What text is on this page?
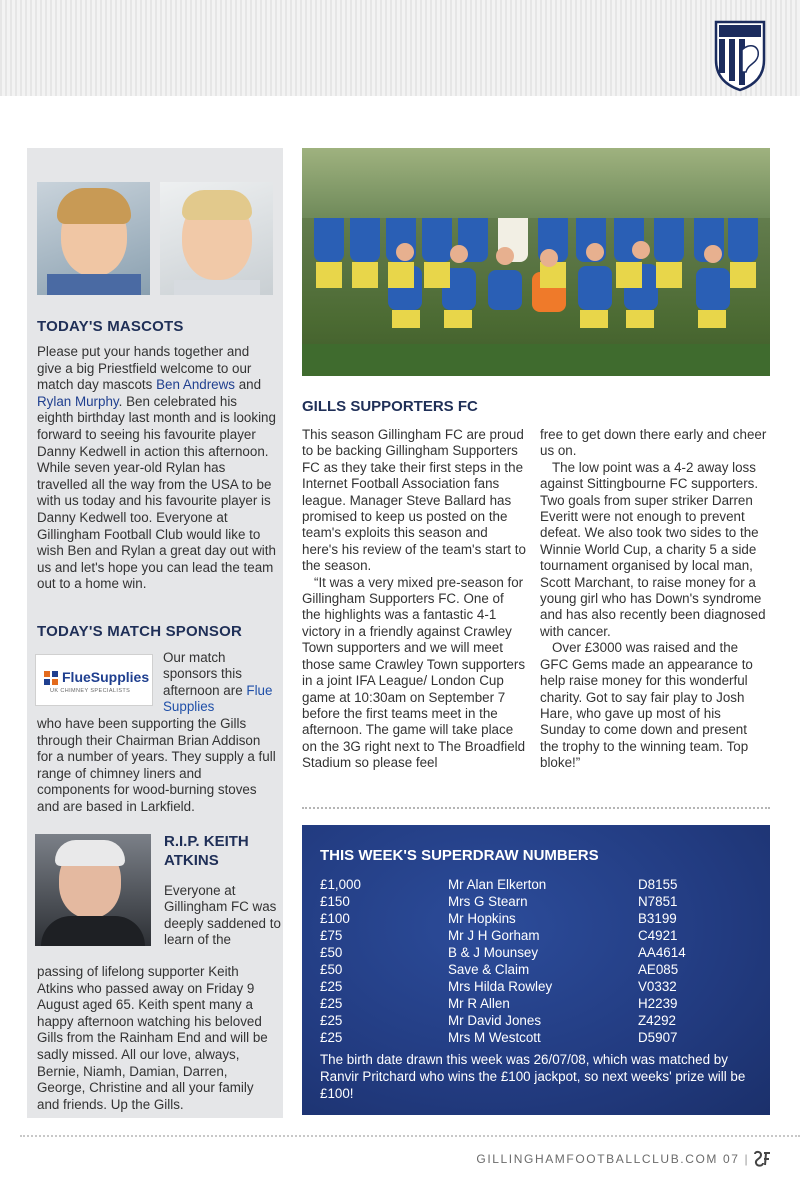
TODAY'S MASCOTS
Please put your hands together and give a big Priestfield welcome to our match day mascots Ben Andrews and Rylan Murphy. Ben celebrated his eighth birthday last month and is looking forward to seeing his favourite player Danny Kedwell in action this afternoon. While seven year-old Rylan has travelled all the way from the USA to be with us today and his favourite player is Danny Kedwell too. Everyone at Gillingham Football Club would like to wish Ben and Rylan a great day out with us and let's hope you can lead the team out to a home win.
TODAY'S MATCH SPONSOR
FlueSupplies
UK CHIMNEY SPECIALISTS
Our match sponsors this afternoon are Flue Supplies
who have been supporting the Gills through their Chairman Brian Addison for a number of years. They supply a full range of chimney liners and components for wood-burning stoves and are based in Larkfield.
R.I.P. KEITH ATKINS
Everyone at Gillingham FC was deeply saddened to learn of the
passing of lifelong supporter Keith Atkins who passed away on Friday 9 August aged 65. Keith spent many a happy afternoon watching his beloved Gills from the Rainham End and will be sadly missed. All our love, always, Bernie, Niamh, Damian, Darren, George, Christine and all your family and friends. Up the Gills.
GILLS SUPPORTERS FC

This season Gillingham FC are proud to be backing Gillingham Supporters FC as they take their first steps in the Internet Football Association fans league. Manager Steve Ballard has promised to keep us posted on the team's exploits this season and here's his review of the team's start to the season.

“It was a very mixed pre-season for Gillingham Supporters FC. One of the highlights was a fantastic 4-1 victory in a friendly against Crawley Town supporters and we will meet those same Crawley Town supporters in a joint IFA League/ London Cup game at 10:30am on September 7 before the first teams meet in the afternoon. The game will take place on the 3G right next to The Broadfield Stadium so please feel

free to get down there early and cheer us on.

The low point was a 4-2 away loss against Sittingbourne FC supporters. Two goals from super striker Darren Everitt were not enough to prevent defeat. We also took two sides to the Winnie World Cup, a charity 5 a side tournament organised by local man, Scott Marchant, to raise money for a young girl who has Down's syndrome and has also recently been diagnosed with cancer.

Over £3000 was raised and the GFC Gems made an appearance to help raise money for this wonderful charity. Got to say fair play to Josh Hare, who gave up most of his Sunday to come down and present the trophy to the winning team. Top bloke!”

THIS WEEK'S SUPERDRAW NUMBERS
£1,000	Mr Alan Elkerton	D8155
£150	Mrs G Stearn	N7851
£100	Mr Hopkins	B3199
£75	Mr J H Gorham	C4921
£50	B & J Mounsey	AA4614
£50	Save & Claim	AE085
£25	Mrs Hilda Rowley	V0332
£25	Mr R Allen	H2239
£25	Mr David Jones	Z4292
£25	Mrs M Westcott	D5907
The birth date drawn this week was 26/07/08, which was matched by Ranvir Pritchard who wins the £100 jackpot, so next weeks' prize will be £100!
GILLINGHAMFOOTBALLCLUB.COM 07 |
